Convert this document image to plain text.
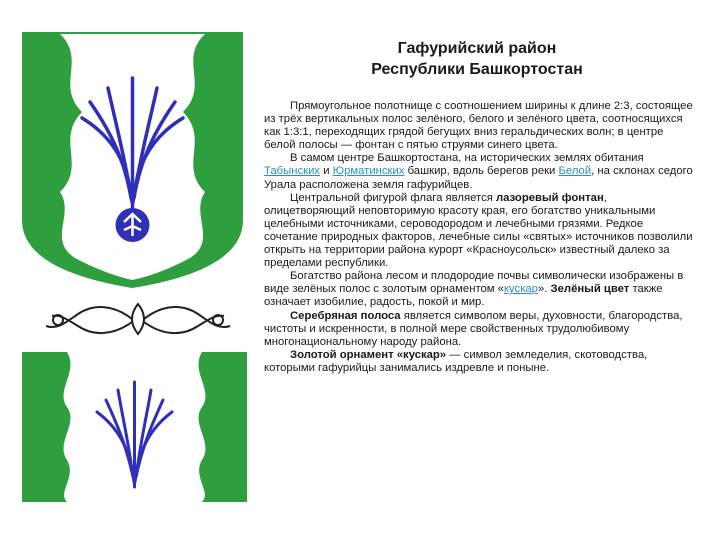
Гафурийский район
Республики Башкортостан

Прямоугольное полотнище с соотношением ширины к длине 2:3, состоящее из трёх вертикальных полос зелёного, белого и зелёного цвета, соотносящихся как 1:3:1, переходящих грядой бегущих вниз геральдических волн; в центре белой полосы — фонтан с пятью струями синего цвета.

В самом центре Башкортостана, на исторических землях обитания Табынских и Юрматинских башкир, вдоль берегов реки Белой, на склонах седого Урала расположена земля гафурийцев.

Центральной фигурой флага является лазоревый фонтан, олицетворяющий неповторимую красоту края, его богатство уникальными целебными источниками, сероводородом и лечебными грязями. Редкое сочетание природных факторов, лечебные силы «святых» источников позволили открыть на территории района курорт «Красноусольск» известный далеко за пределами республики.

Богатство района лесом и плодородие почвы символически изображены в виде зелёных полос с золотым орнаментом «кускар». Зелёный цвет также означает изобилие, радость, покой и мир.

Серебряная полоса является символом веры, духовности, благородства, чистоты и искренности, в полной мере свойственных трудолюбивому многонациональному народу района.

Золотой орнамент «кускар» — символ земледелия, скотоводства, которыми гафурийцы занимались издревле и поныне.
